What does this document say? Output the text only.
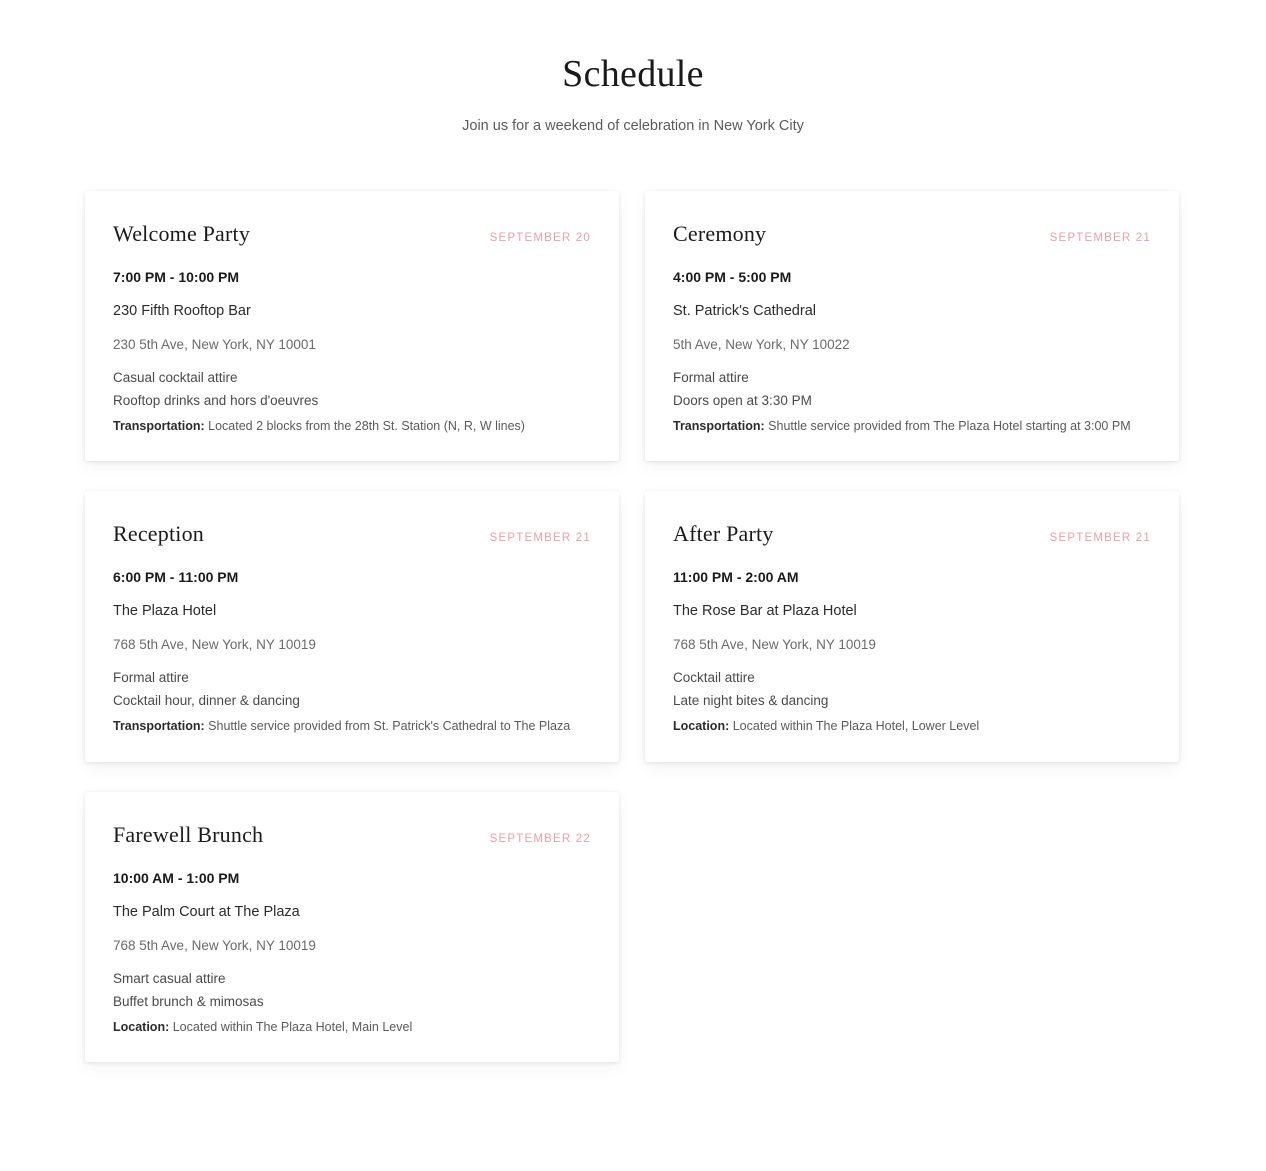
Schedule

Join us for a weekend of celebration in New York City

Welcome Party	SEPTEMBER 20
7:00 PM - 10:00 PM
230 Fifth Rooftop Bar
230 5th Ave, New York, NY 10001
Casual cocktail attire
Rooftop drinks and hors d'oeuvres
Transportation: Located 2 blocks from the 28th St. Station (N, R, W lines)
Ceremony	SEPTEMBER 21
4:00 PM - 5:00 PM
St. Patrick's Cathedral
5th Ave, New York, NY 10022
Formal attire
Doors open at 3:30 PM
Transportation: Shuttle service provided from The Plaza Hotel starting at 3:00 PM
Reception	SEPTEMBER 21
6:00 PM - 11:00 PM
The Plaza Hotel
768 5th Ave, New York, NY 10019
Formal attire
Cocktail hour, dinner & dancing
Transportation: Shuttle service provided from St. Patrick's Cathedral to The Plaza
After Party	SEPTEMBER 21
11:00 PM - 2:00 AM
The Rose Bar at Plaza Hotel
768 5th Ave, New York, NY 10019
Cocktail attire
Late night bites & dancing
Location: Located within The Plaza Hotel, Lower Level
Farewell Brunch	SEPTEMBER 22
10:00 AM - 1:00 PM
The Palm Court at The Plaza
768 5th Ave, New York, NY 10019
Smart casual attire
Buffet brunch & mimosas
Location: Located within The Plaza Hotel, Main Level
